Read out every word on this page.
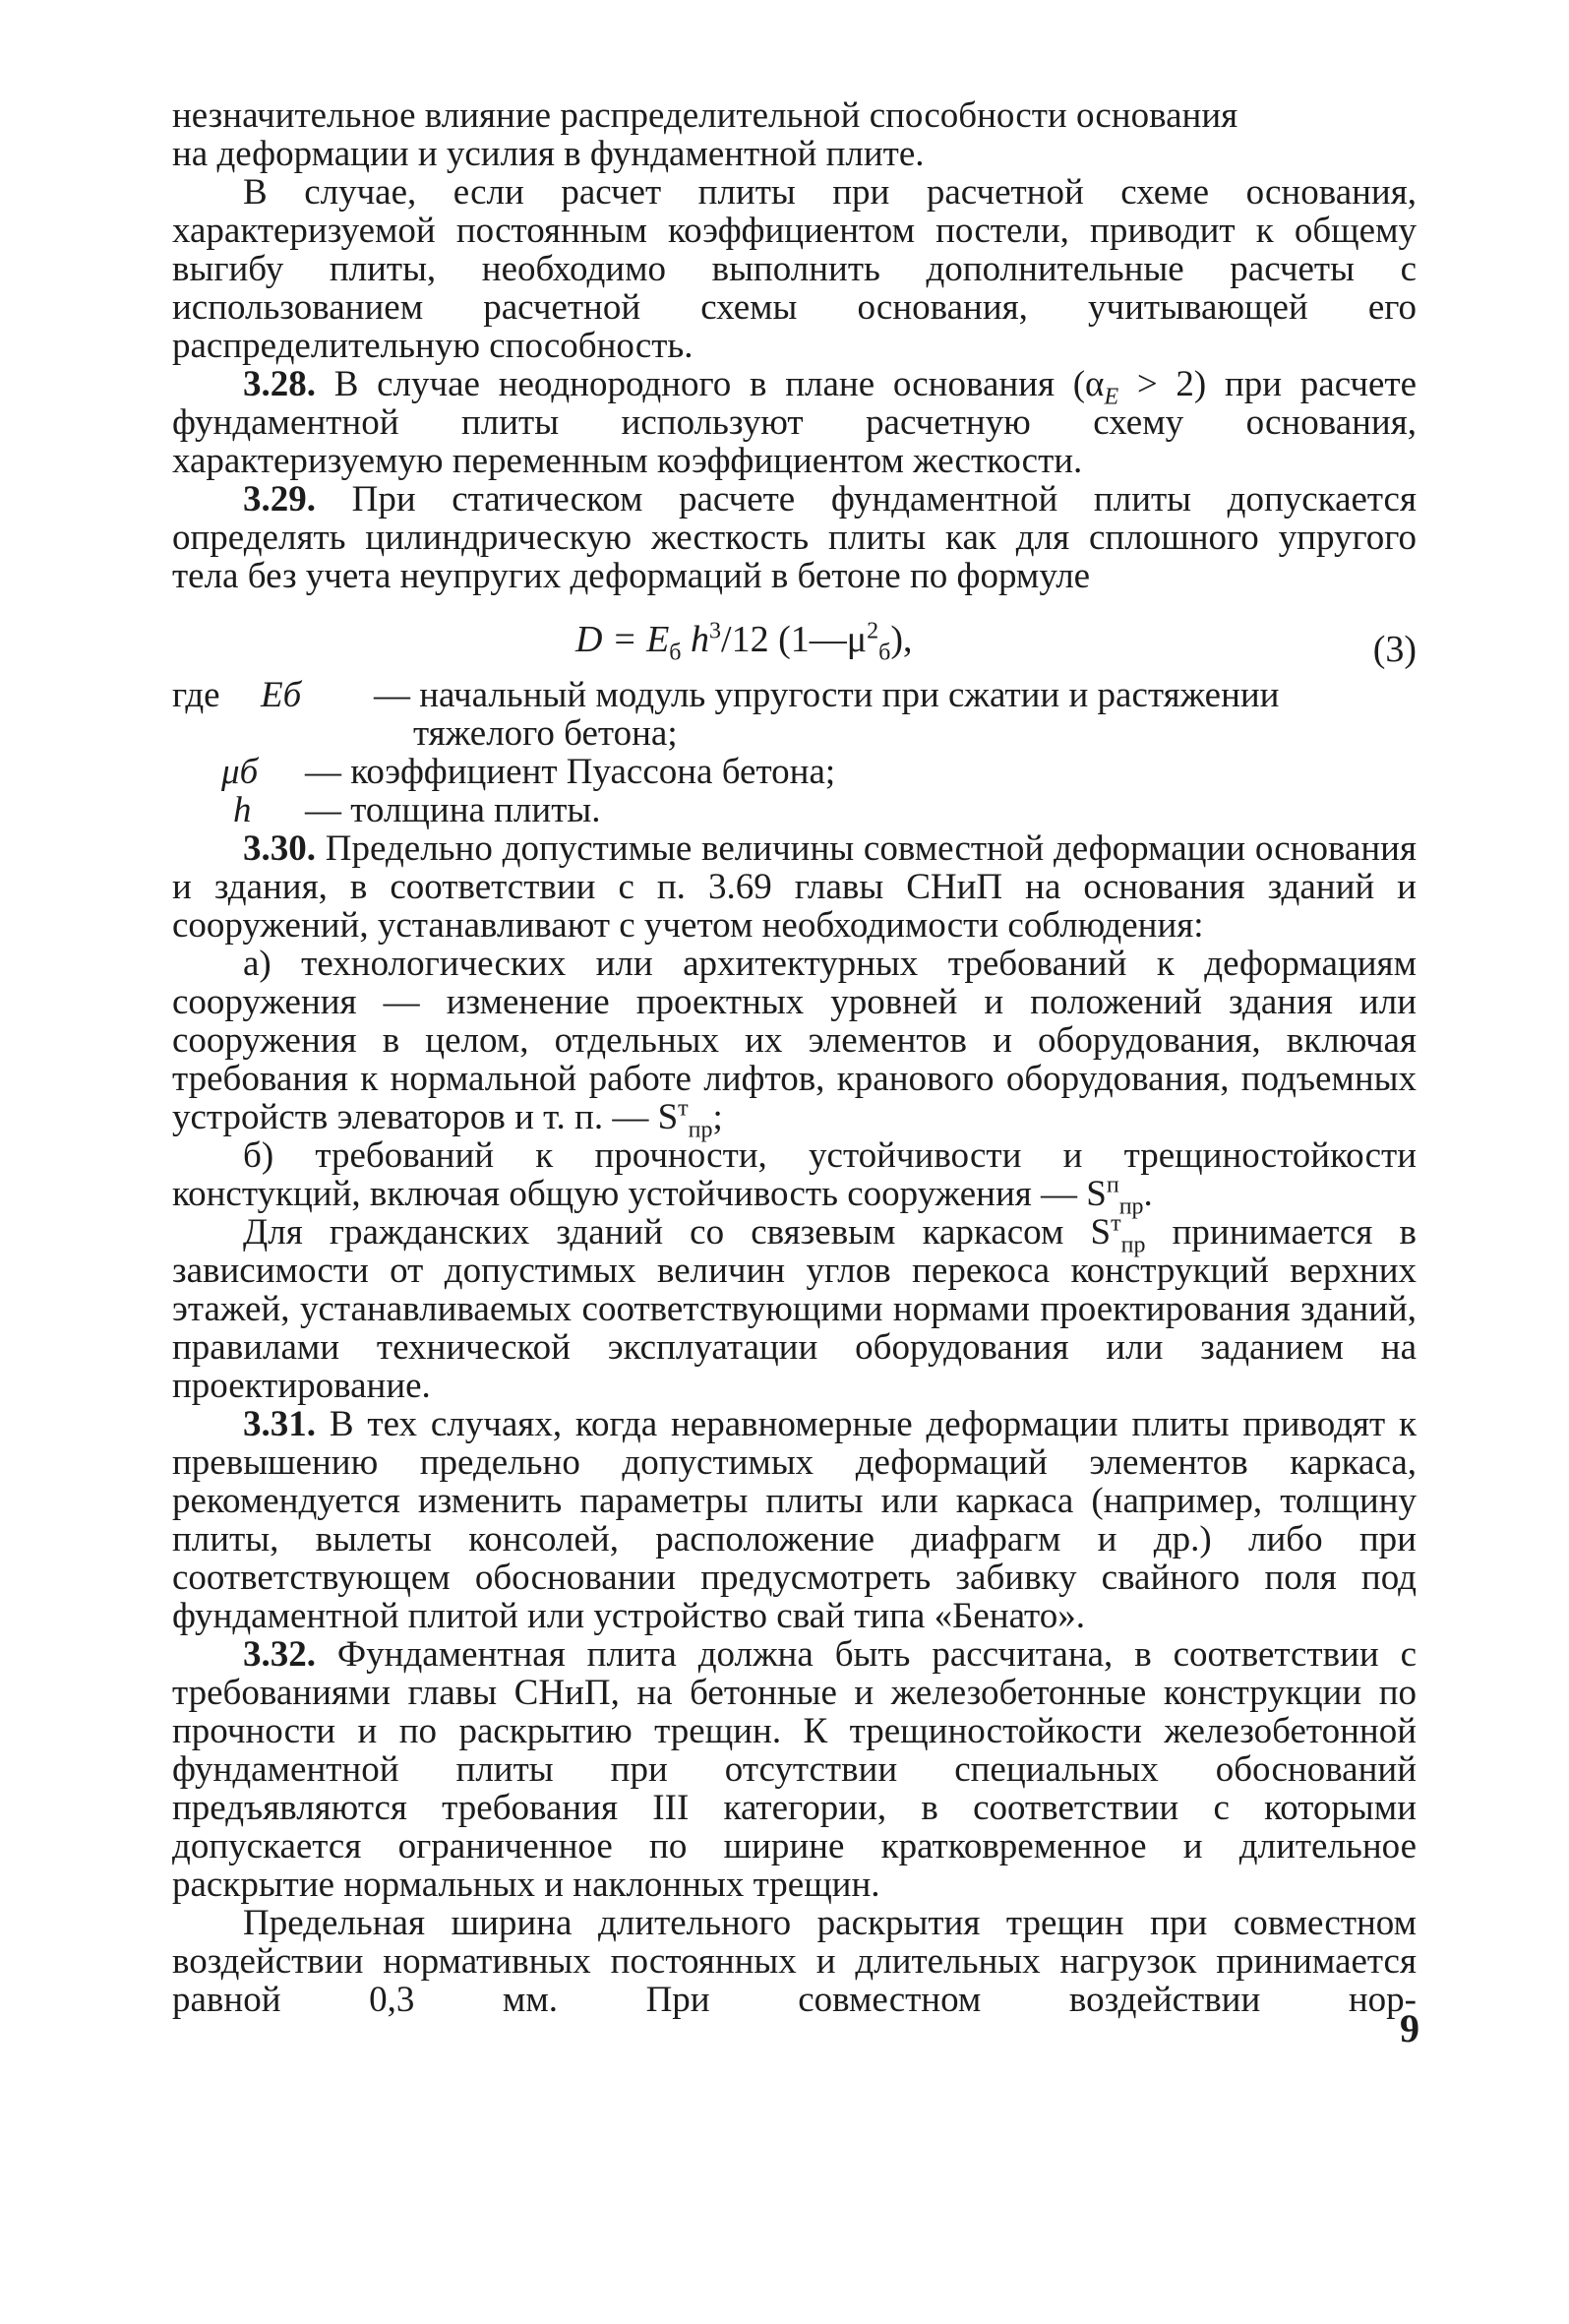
незначительное влияние распределительной способности основания
на деформации и усилия в фундаментной плите.

В случае, если расчет плиты при расчетной схеме основания, характеризуемой постоянным коэффициентом постели, приводит к общему выгибу плиты, необходимо выполнить дополнительные расчеты с использованием расчетной схемы основания, учитывающей его распределительную способность.

3.28. В случае неоднородного в плане основания $(\alpha_E > 2)$ при расчете фундаментной плиты используют расчетную схему основания, характеризуемую переменным коэффициентом жесткости.

3.29. При статическом расчете фундаментной плиты допускается определять цилиндрическую жесткость плиты как для сплошного упругого тела без учета неупругих деформаций в бетоне по формуле

$D = E_б$ $h^3/12$ $(1—\mu^2_б)$,	(3)
где Eб — начальный модуль упругости при сжатии и растяжении
тяжелого бетона;
μб — коэффициент Пуассона бетона;
h — толщина плиты.

3.30. Предельно допустимые величины совместной деформации основания и здания, в соответствии с п. 3.69 главы СНиП на основания зданий и сооружений, устанавливают с учетом необходимости соблюдения:

а) технологических или архитектурных требований к деформациям сооружения — изменение проектных уровней и положений здания или сооружения в целом, отдельных их элементов и оборудования, включая требования к нормальной работе лифтов, кранового оборудования, подъемных устройств элеваторов и т. п. — $S^т_{пр}$;

б) требований к прочности, устойчивости и трещиностойкости констукций, включая общую устойчивость сооружения — $S^п_{пр}$.

Для гражданских зданий со связевым каркасом $S^т_{пр}$ принимается в зависимости от допустимых величин углов перекоса конструкций верхних этажей, устанавливаемых соответствующими нормами проектирования зданий, правилами технической эксплуатации оборудования или заданием на проектирование.

3.31. В тех случаях, когда неравномерные деформации плиты приводят к превышению предельно допустимых деформаций элементов каркаса, рекомендуется изменить параметры плиты или каркаса (например, толщину плиты, вылеты консолей, расположение диафрагм и др.) либо при соответствующем обосновании предусмотреть забивку свайного поля под фундаментной плитой или устройство свай типа «Бенато».

3.32. Фундаментная плита должна быть рассчитана, в соответствии с требованиями главы СНиП, на бетонные и железобетонные конструкции по прочности и по раскрытию трещин. К трещиностойкости железобетонной фундаментной плиты при отсутствии специальных обоснований предъявляются требования III категории, в соответствии с которыми допускается ограниченное по ширине кратковременное и длительное раскрытие нормальных и наклонных трещин.

Предельная ширина длительного раскрытия трещин при совместном воздействии нормативных постоянных и длительных нагрузок принимается равной 0,3 мм. При совместном воздействии нор-

9
